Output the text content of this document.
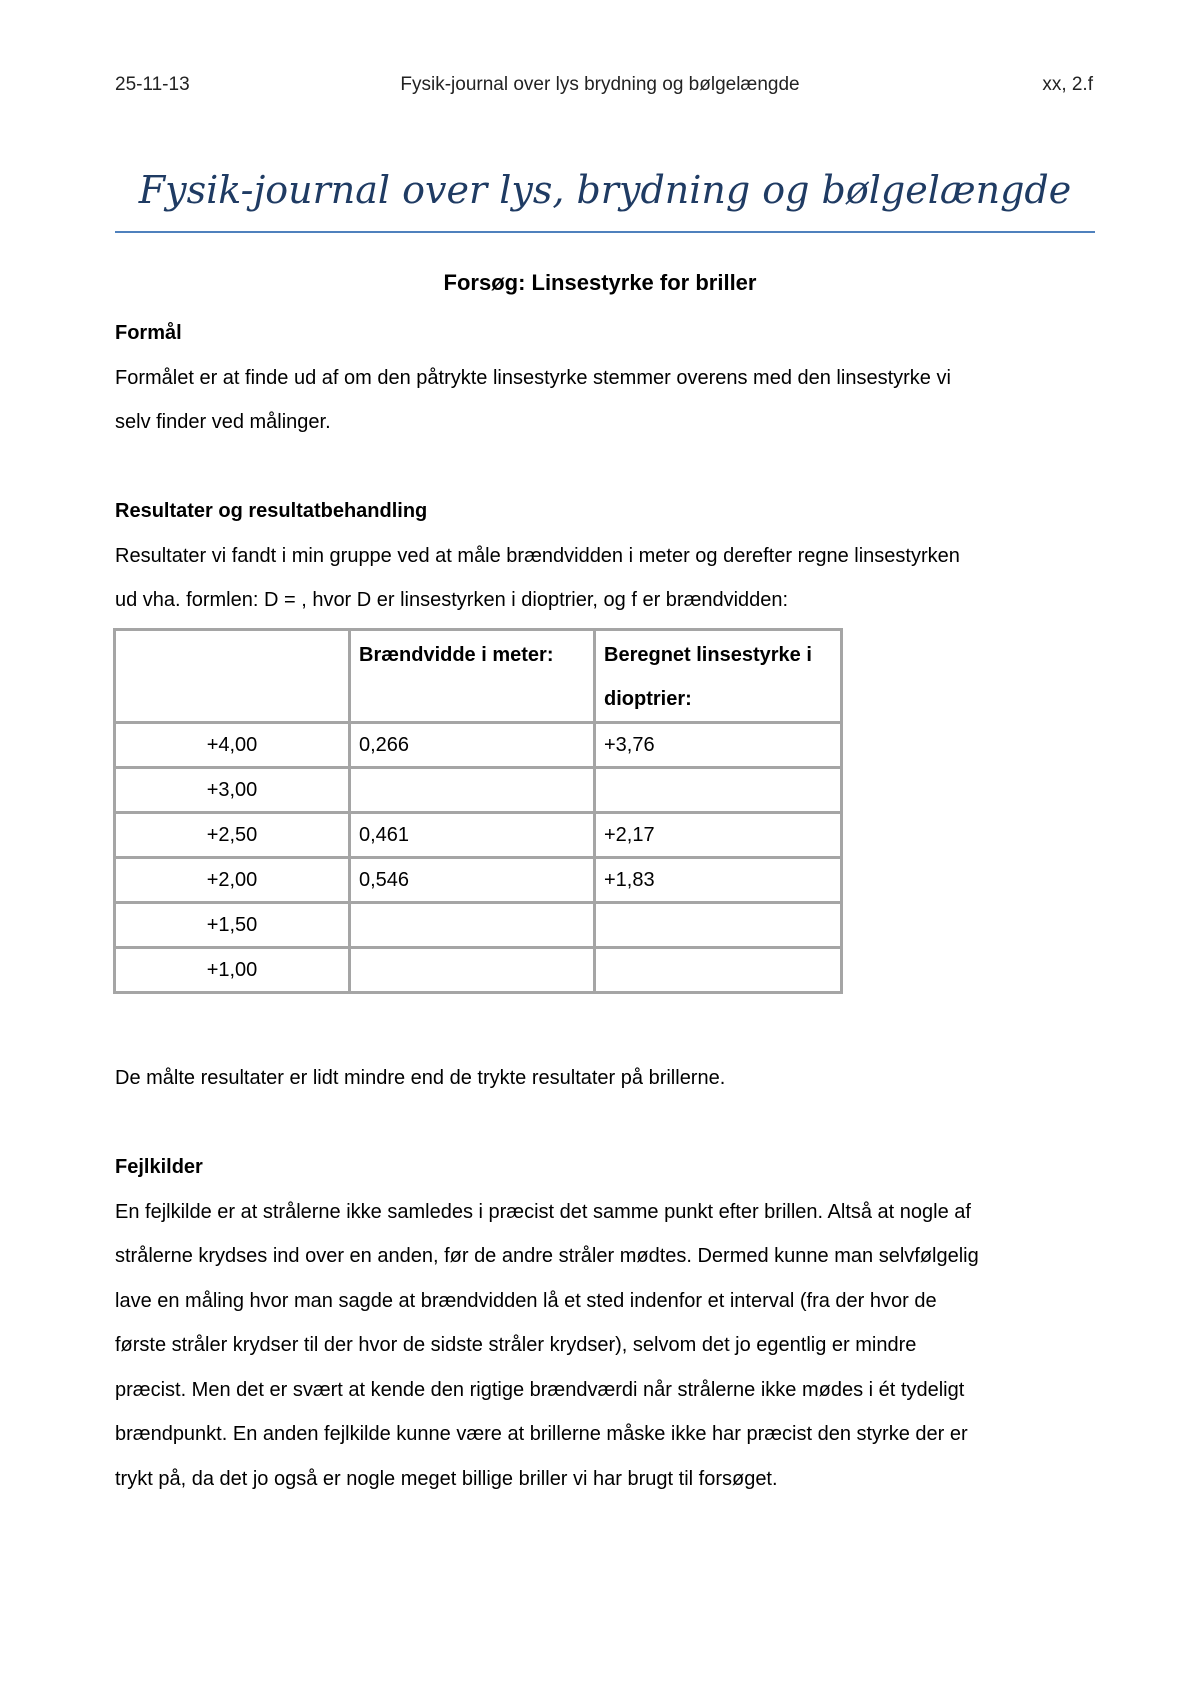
25-11-13	Fysik-journal over lys brydning og bølgelængde	xx, 2.f
Fysik-journal over lys, brydning og bølgelængde
Forsøg: Linsestyrke for briller
Formål
Formålet er at finde ud af om den påtrykte linsestyrke stemmer overens med den linsestyrke vi
selv finder ved målinger.
Resultater og resultatbehandling
Resultater vi fandt i min gruppe ved at måle brændvidden i meter og derefter regne linsestyrken
ud vha. formlen: D = , hvor D er linsestyrken i dioptrier, og f er brændvidden:
	Brændvidde i meter:	Beregnet linsestyrke i
dioptrier:

+4,00	0,266	+3,76
+3,00		
+2,50	0,461	+2,17
+2,00	0,546	+1,83
+1,50		
+1,00		
De målte resultater er lidt mindre end de trykte resultater på brillerne.
Fejlkilder
En fejlkilde er at strålerne ikke samledes i præcist det samme punkt efter brillen. Altså at nogle af
strålerne krydses ind over en anden, før de andre stråler mødtes. Dermed kunne man selvfølgelig
lave en måling hvor man sagde at brændvidden lå et sted indenfor et interval (fra der hvor de
første stråler krydser til der hvor de sidste stråler krydser), selvom det jo egentlig er mindre
præcist. Men det er svært at kende den rigtige brændværdi når strålerne ikke mødes i ét tydeligt
brændpunkt. En anden fejlkilde kunne være at brillerne måske ikke har præcist den styrke der er
trykt på, da det jo også er nogle meget billige briller vi har brugt til forsøget.
